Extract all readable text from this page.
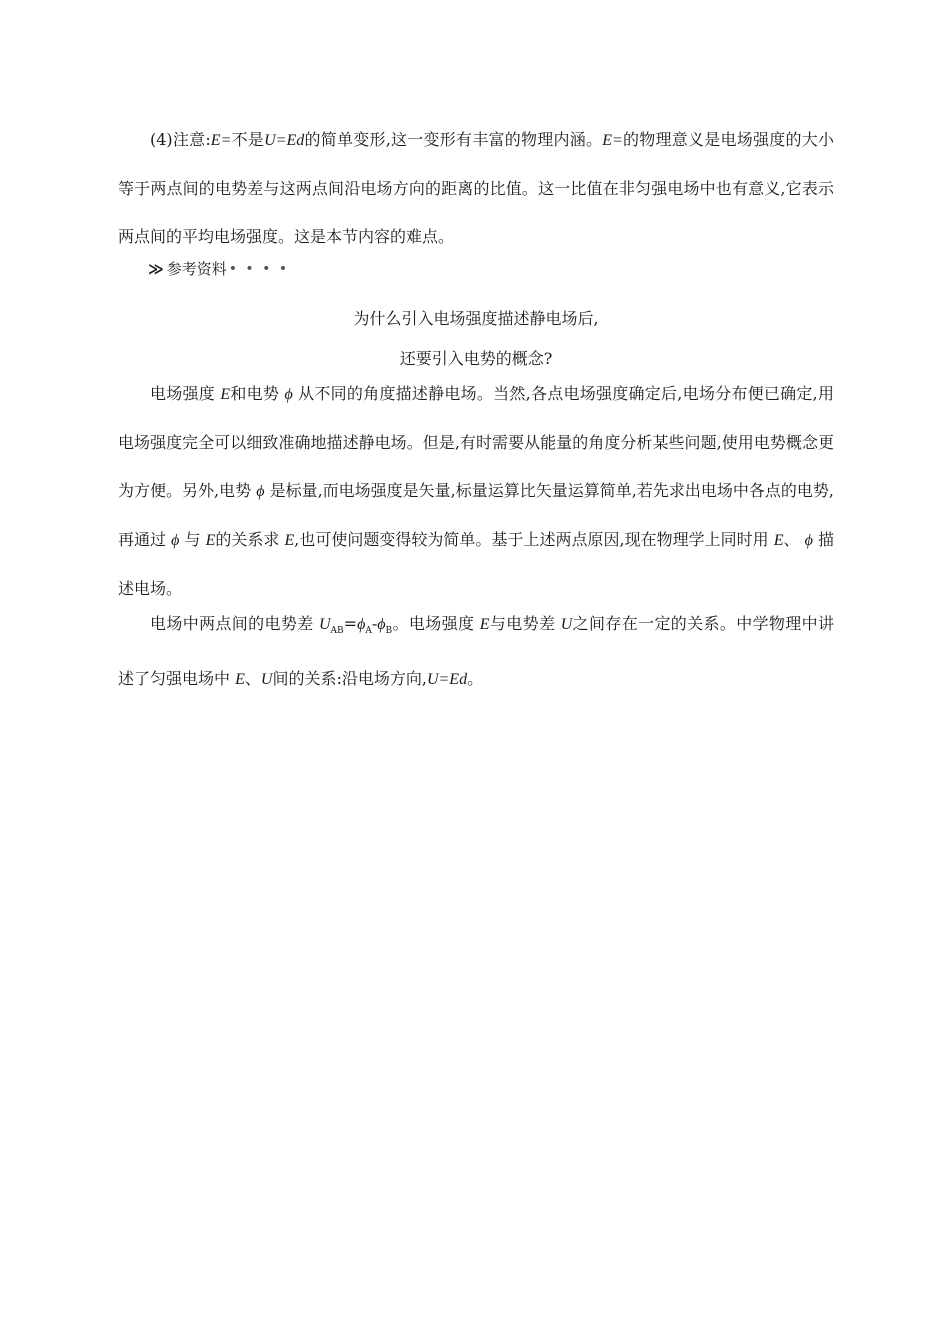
(4)注意:E=不是U=Ed的简单变形,这一变形有丰富的物理内涵。E=的物理意义是电场强度的大小等于两点间的电势差与这两点间沿电场方向的距离的比值。这一比值在非匀强电场中也有意义,它表示两点间的平均电场强度。这是本节内容的难点。

≫ 参考资料 • • • •

为什么引入电场强度描述静电场后,

还要引入电势的概念?

电场强度 E和电势 ϕ 从不同的角度描述静电场。当然,各点电场强度确定后,电场分布便已确定,用电场强度完全可以细致准确地描述静电场。但是,有时需要从能量的角度分析某些问题,使用电势概念更为方便。另外,电势 ϕ 是标量,而电场强度是矢量,标量运算比矢量运算简单,若先求出电场中各点的电势,再通过 ϕ 与 E的关系求 E,也可使问题变得较为简单。基于上述两点原因,现在物理学上同时用 E、 ϕ 描述电场。

电场中两点间的电势差 $U_{AB}=\phi_A-\phi_B$。电场强度 E与电势差 U之间存在一定的关系。中学物理中讲述了匀强电场中 E、U间的关系:沿电场方向,U=Ed。
